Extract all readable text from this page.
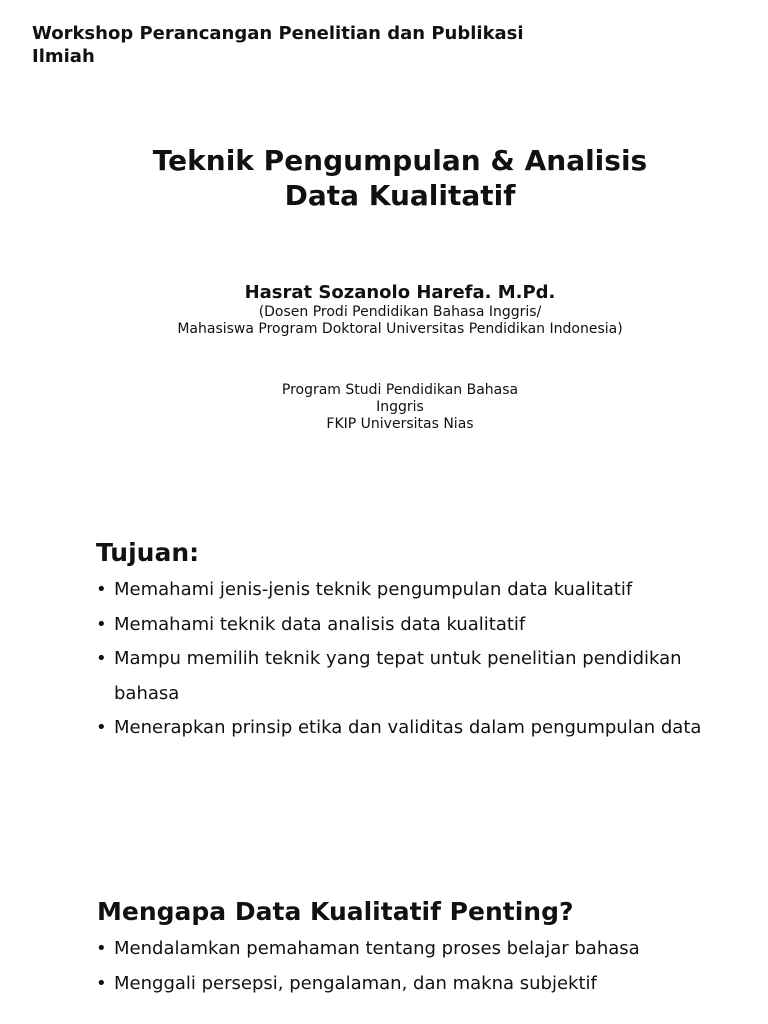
Workshop Perancangan Penelitian dan Publikasi Ilmiah
Teknik Pengumpulan & Analisis
Data Kualitatif
Hasrat Sozanolo Harefa. M.Pd.
(Dosen Prodi Pendidikan Bahasa Inggris/
Mahasiswa Program Doktoral Universitas Pendidikan Indonesia)
Program Studi Pendidikan Bahasa
Inggris
FKIP Universitas Nias
Tujuan:
• Memahami jenis-jenis teknik pengumpulan data kualitatif
• Memahami teknik data analisis data kualitatif
• Mampu memilih teknik yang tepat untuk penelitian pendidikan bahasa
• Menerapkan prinsip etika dan validitas dalam pengumpulan data
Mengapa Data Kualitatif Penting?
• Mendalamkan pemahaman tentang proses belajar bahasa
• Menggali persepsi, pengalaman, dan makna subjektif
